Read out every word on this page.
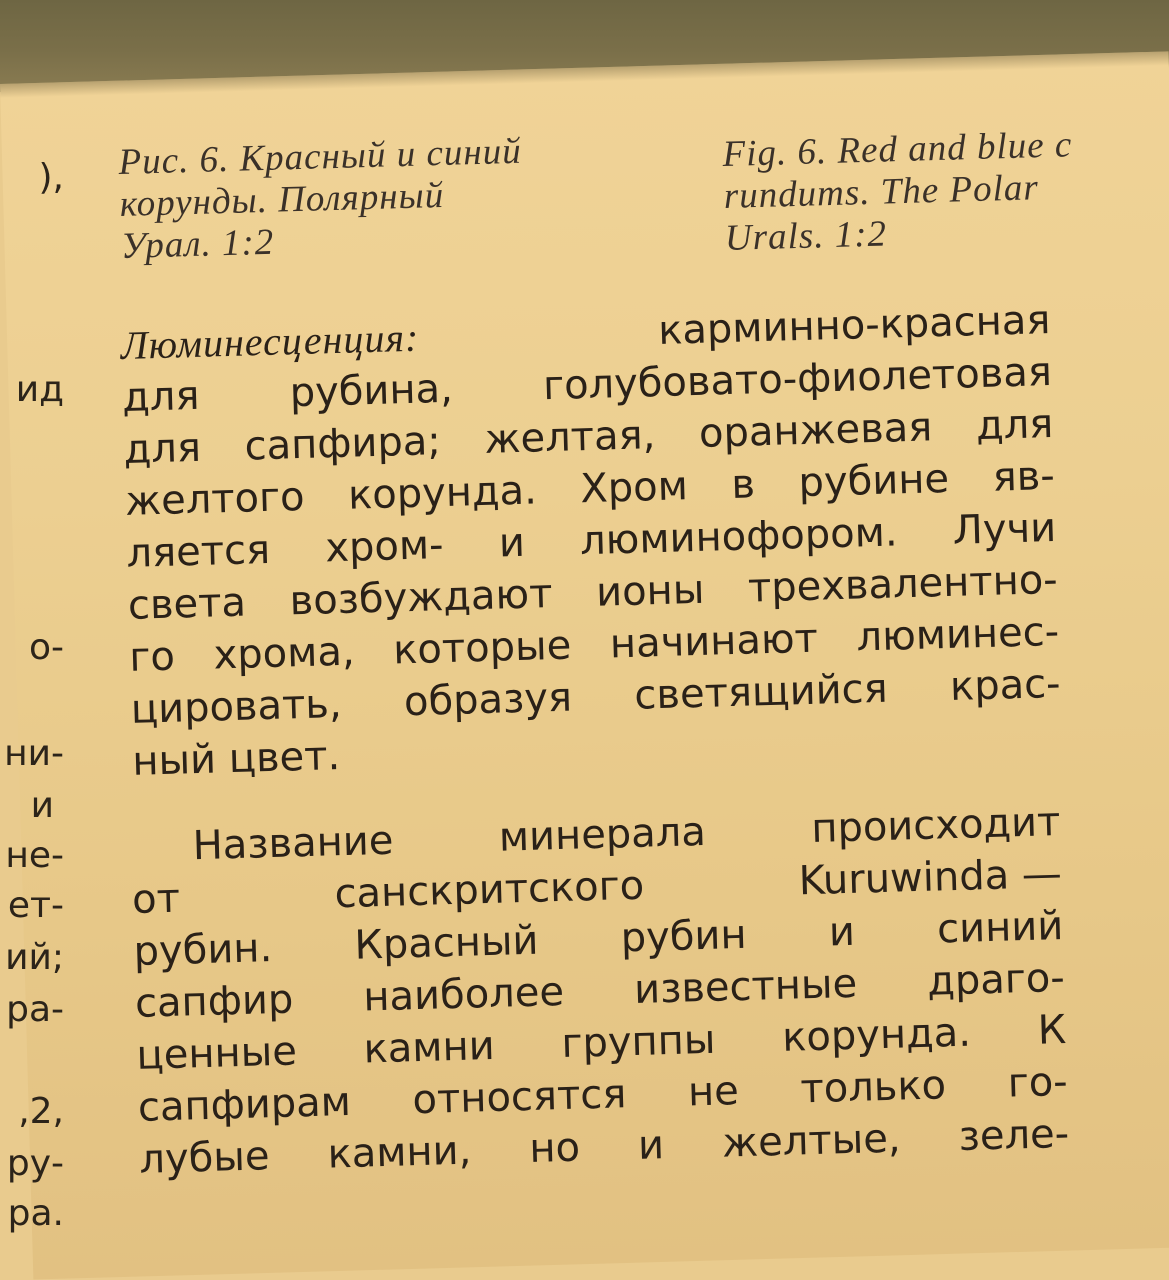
),
ид
о-
ни-
и
не-
ет-
ий;
ра-
,2,
ру-
ра.
Рис. 6. Красный и синий
корунды. Полярный
Урал. 1:2
Fig. 6. Red and blue c
rundums. The Polar
Urals. 1:2
Люминесценция:	карминно-красная
для рубина, голубовато-фиолетовая
для сапфира; желтая, оранжевая для
желтого корунда. Хром в рубине яв-
ляется хром- и люминофором. Лучи
света возбуждают ионы трехвалентно-
го хрома, которые начинают люминес-
цировать, образуя светящийся крас-
ный цвет.
Название	минерала	происходит
от	санскритского	Kuruwinda —
рубин. Красный рубин и синий
сапфир наиболее известные драго-
ценные камни группы корунда. К
сапфирам относятся не только го-
лубые камни, но и желтые, зеле-
